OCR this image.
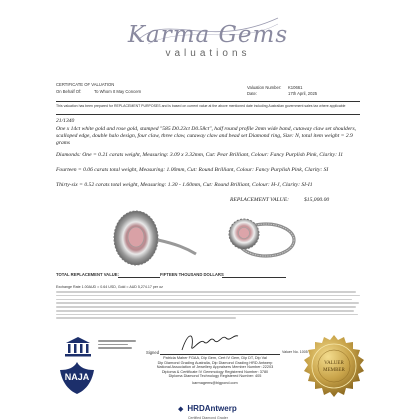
Karma Gems
valuations
CERTIFICATE OF VALUATION
On Behalf Of:	To Whom It May Concern
Valuation Number: K10661
Date:	17th April, 2025
This valuation has been prepared for REPLACEMENT PURPOSES and is based on current value at the above mentioned date including Australian government sales tax where applicable
21/1340
One x 14ct white gold and rose gold, stamped "585 D0.23ct D0.58ct", half round profile 2mm wide band, cutaway claw set shoulders, scalloped edge, double halo design, four claw, three claw, cutaway claw and bead set Diamond ring, Size: N, total item weight = 2.9 grams
Diamonds: One = 0.21 carats weight, Measuring: 3.09 x 3.32mm, Cut: Pear Brilliant, Colour: Fancy Purplish Pink, Clarity: I1
Fourteen = 0.06 carats total weight, Measuring: 1.00mm, Cut: Round Brilliant, Colour: Fancy Purplish Pink, Clarity: SI
Thirty-six = 0.52 carats total weight, Measuring: 1.30 - 1.60mm, Cut: Round Brilliant, Colour: H-J, Clarity: SI-I1
REPLACEMENT VALUE:	$15,000.00
TOTAL REPLACEMENT VALUE:	FIFTEEN THOUSAND DOLLARS
Exchange Rate 1.00AUD = 0.64 USD, Gold = AUD 5,274.17 per oz
NAJA
Signed	Valuer No. 1005
Patricia Maher FGAA, Dip Gem, Cert IV Gem, Dip DT, Dip Val
Dip Diamond Grading Australia, Dip Diamond Grading HRD Antwerp
National Association of Jewellery Appraisers Member Number: 22203
Diploma & Certificate IV Gemmology Registered Number: 3780
Diploma Diamond Technology Registered Number: 405
karmagems@bigpond.com
◆ HRDAntwerp
Certified Diamond Grader
VALUER
MEMBER
